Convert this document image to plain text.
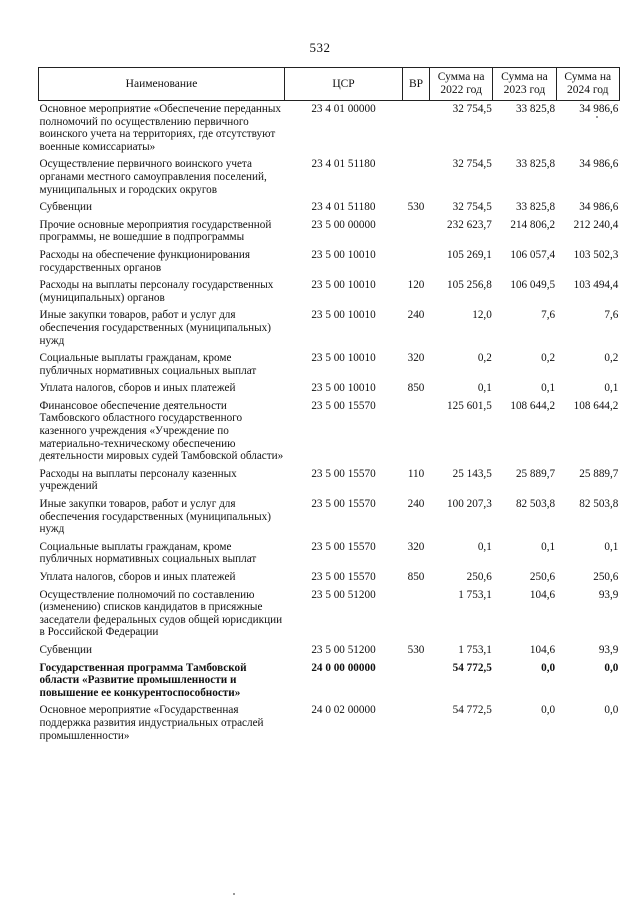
532
Наименование	ЦСР	ВР	Сумма на 2022 год	Сумма на 2023 год	Сумма на 2024 год
Основное мероприятие «Обеспечение переданных полномочий по осуществлению первичного воинского учета на территориях, где отсутствуют военные комиссариаты»	23 4 01 00000		32 754,5	33 825,8	34 986,6
Осуществление первичного воинского учета органами местного самоуправления поселений, муниципальных и городских округов	23 4 01 51180		32 754,5	33 825,8	34 986,6
Субвенции	23 4 01 51180	530	32 754,5	33 825,8	34 986,6
Прочие основные мероприятия государственной программы, не вошедшие в подпрограммы	23 5 00 00000		232 623,7	214 806,2	212 240,4
Расходы на обеспечение функционирования государственных органов	23 5 00 10010		105 269,1	106 057,4	103 502,3
Расходы на выплаты персоналу государственных (муниципальных) органов	23 5 00 10010	120	105 256,8	106 049,5	103 494,4
Иные закупки товаров, работ и услуг для обеспечения государственных (муниципальных) нужд	23 5 00 10010	240	12,0	7,6	7,6
Социальные выплаты гражданам, кроме публичных нормативных социальных выплат	23 5 00 10010	320	0,2	0,2	0,2
Уплата налогов, сборов и иных платежей	23 5 00 10010	850	0,1	0,1	0,1
Финансовое обеспечение деятельности Тамбовского областного государственного казенного учреждения «Учреждение по материально-техническому обеспечению деятельности мировых судей Тамбовской области»	23 5 00 15570		125 601,5	108 644,2	108 644,2
Расходы на выплаты персоналу казенных учреждений	23 5 00 15570	110	25 143,5	25 889,7	25 889,7
Иные закупки товаров, работ и услуг для обеспечения государственных (муниципальных) нужд	23 5 00 15570	240	100 207,3	82 503,8	82 503,8
Социальные выплаты гражданам, кроме публичных нормативных социальных выплат	23 5 00 15570	320	0,1	0,1	0,1
Уплата налогов, сборов и иных платежей	23 5 00 15570	850	250,6	250,6	250,6
Осуществление полномочий по составлению (изменению) списков кандидатов в присяжные заседатели федеральных судов общей юрисдикции в Российской Федерации	23 5 00 51200		1 753,1	104,6	93,9
Субвенции	23 5 00 51200	530	1 753,1	104,6	93,9
Государственная программа Тамбовской области «Развитие промышленности и повышение ее конкурентоспособности»	24 0 00 00000		54 772,5	0,0	0,0
Основное мероприятие «Государственная поддержка развития индустриальных отраслей промышленности»	24 0 02 00000		54 772,5	0,0	0,0
